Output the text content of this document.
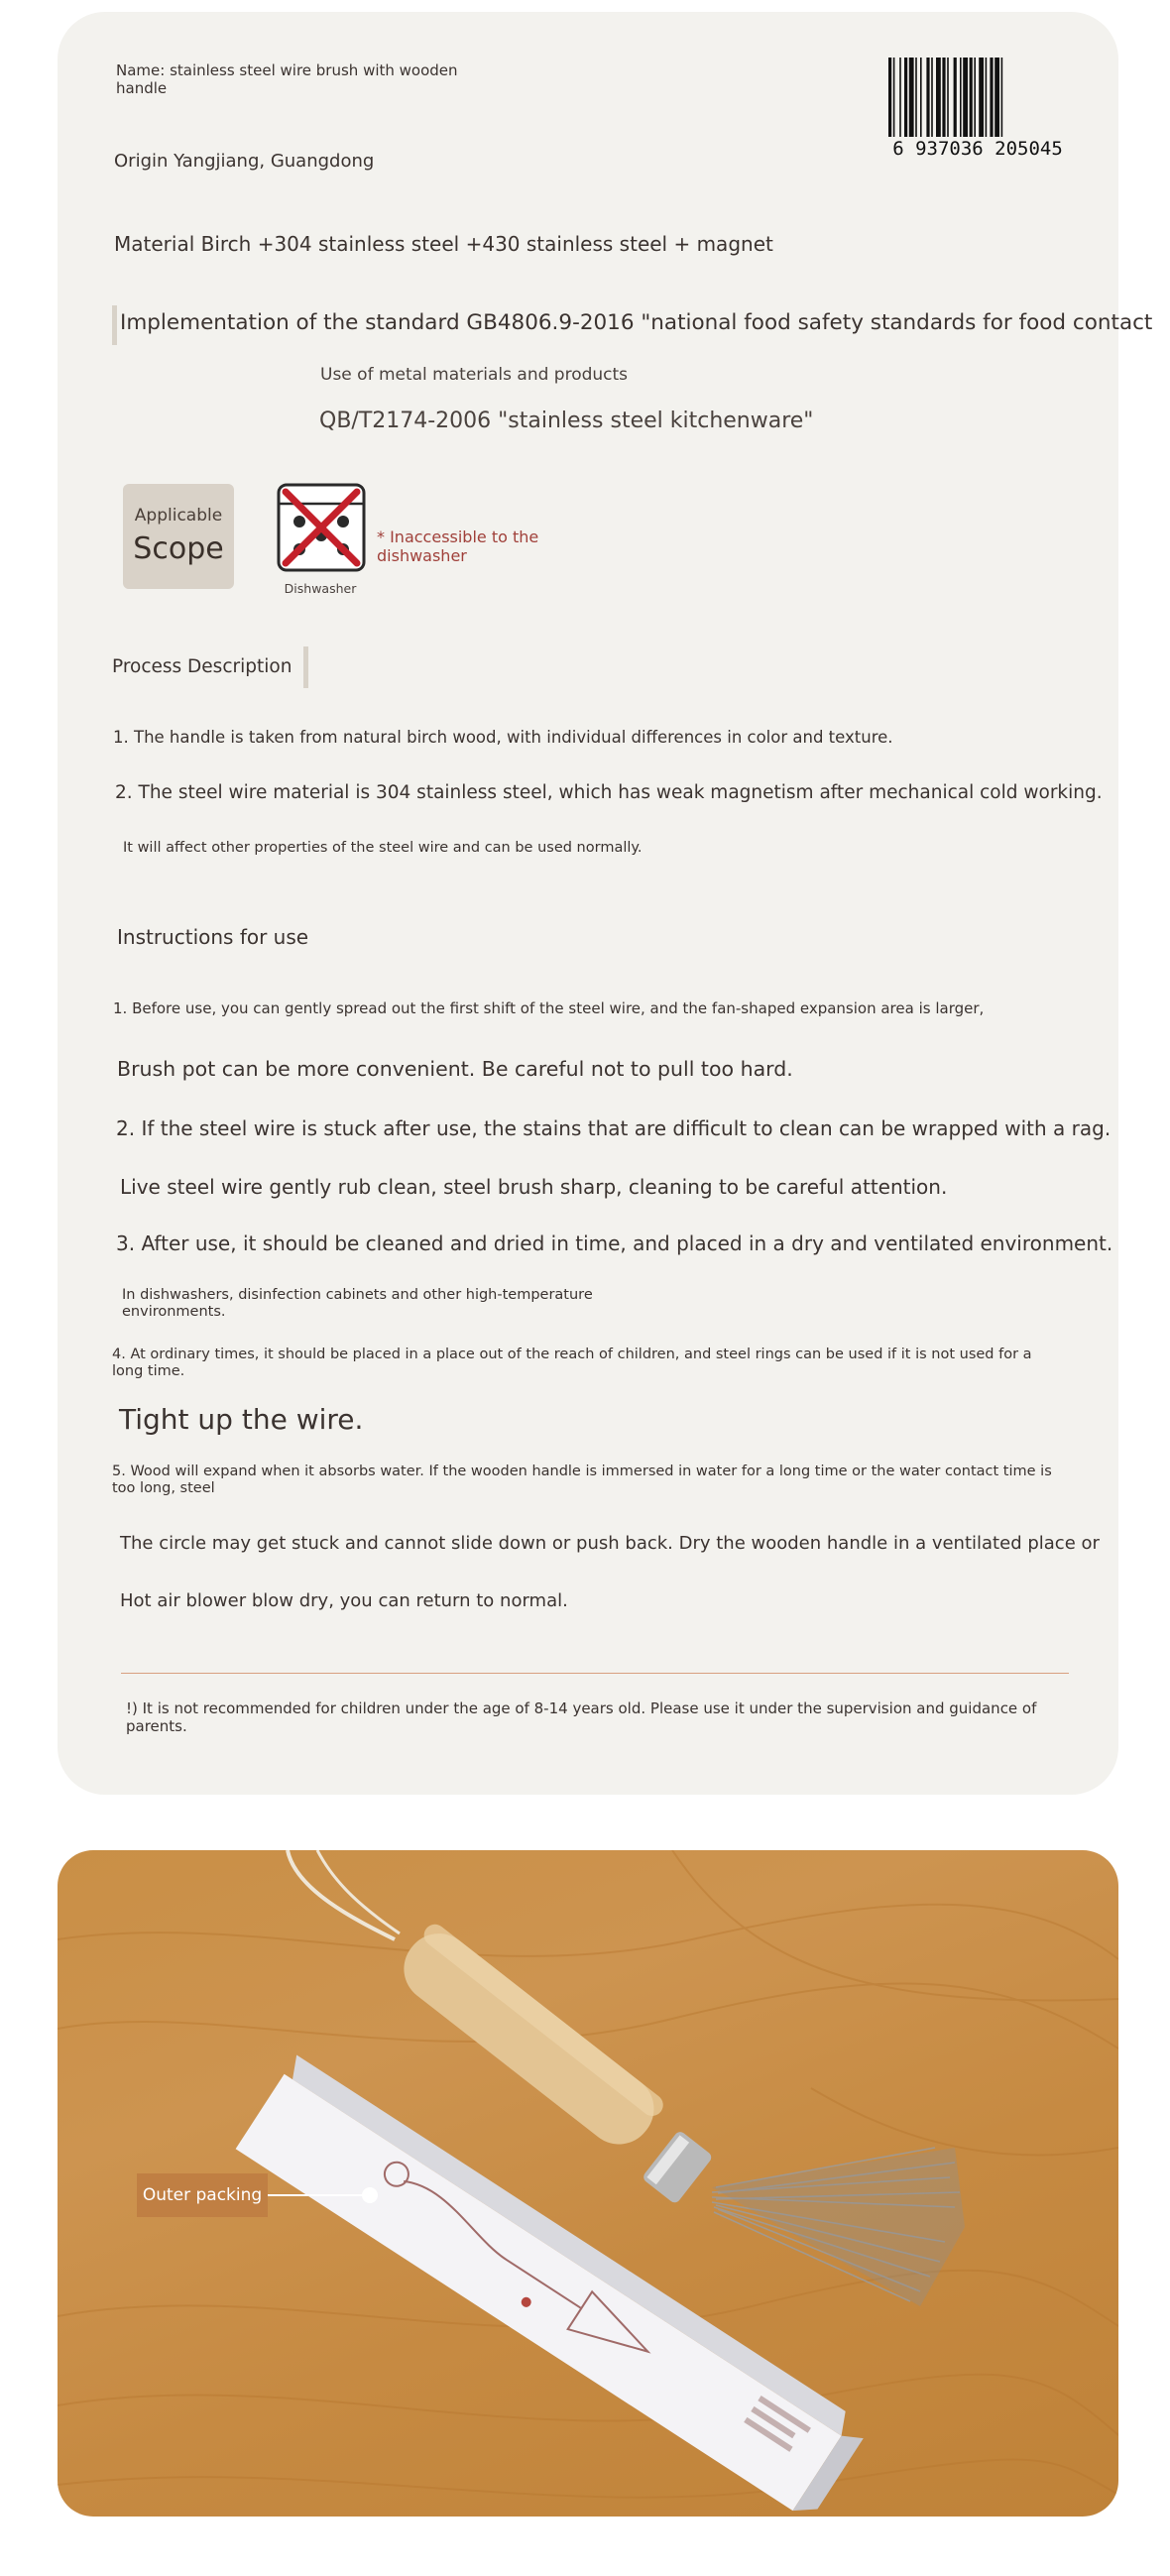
Name: stainless steel wire brush with wooden handle
Origin Yangjiang, Guangdong
Material Birch +304 stainless steel +430 stainless steel + magnet
6 937036 205045
Implementation of the standard GB4806.9-2016 "national food safety standards for food contact
Use of metal materials and products
QB/T2174-2006 "stainless steel kitchenware"
Applicable
Scope
Dishwasher
* Inaccessible to the dishwasher
Process Description
1. The handle is taken from natural birch wood, with individual differences in color and texture.
2. The steel wire material is 304 stainless steel, which has weak magnetism after mechanical cold working.
It will affect other properties of the steel wire and can be used normally.
Instructions for use
1. Before use, you can gently spread out the first shift of the steel wire, and the fan-shaped expansion area is larger,
Brush pot can be more convenient. Be careful not to pull too hard.
2. If the steel wire is stuck after use, the stains that are difficult to clean can be wrapped with a rag.
Live steel wire gently rub clean, steel brush sharp, cleaning to be careful attention.
3. After use, it should be cleaned and dried in time, and placed in a dry and ventilated environment.
In dishwashers, disinfection cabinets and other high-temperature environments.
4. At ordinary times, it should be placed in a place out of the reach of children, and steel rings can be used if it is not used for a long time.
Tight up the wire.
5. Wood will expand when it absorbs water. If the wooden handle is immersed in water for a long time or the water contact time is too long, steel
The circle may get stuck and cannot slide down or push back. Dry the wooden handle in a ventilated place or
Hot air blower blow dry, you can return to normal.
!) It is not recommended for children under the age of 8-14 years old. Please use it under the supervision and guidance of parents.
Outer packing
